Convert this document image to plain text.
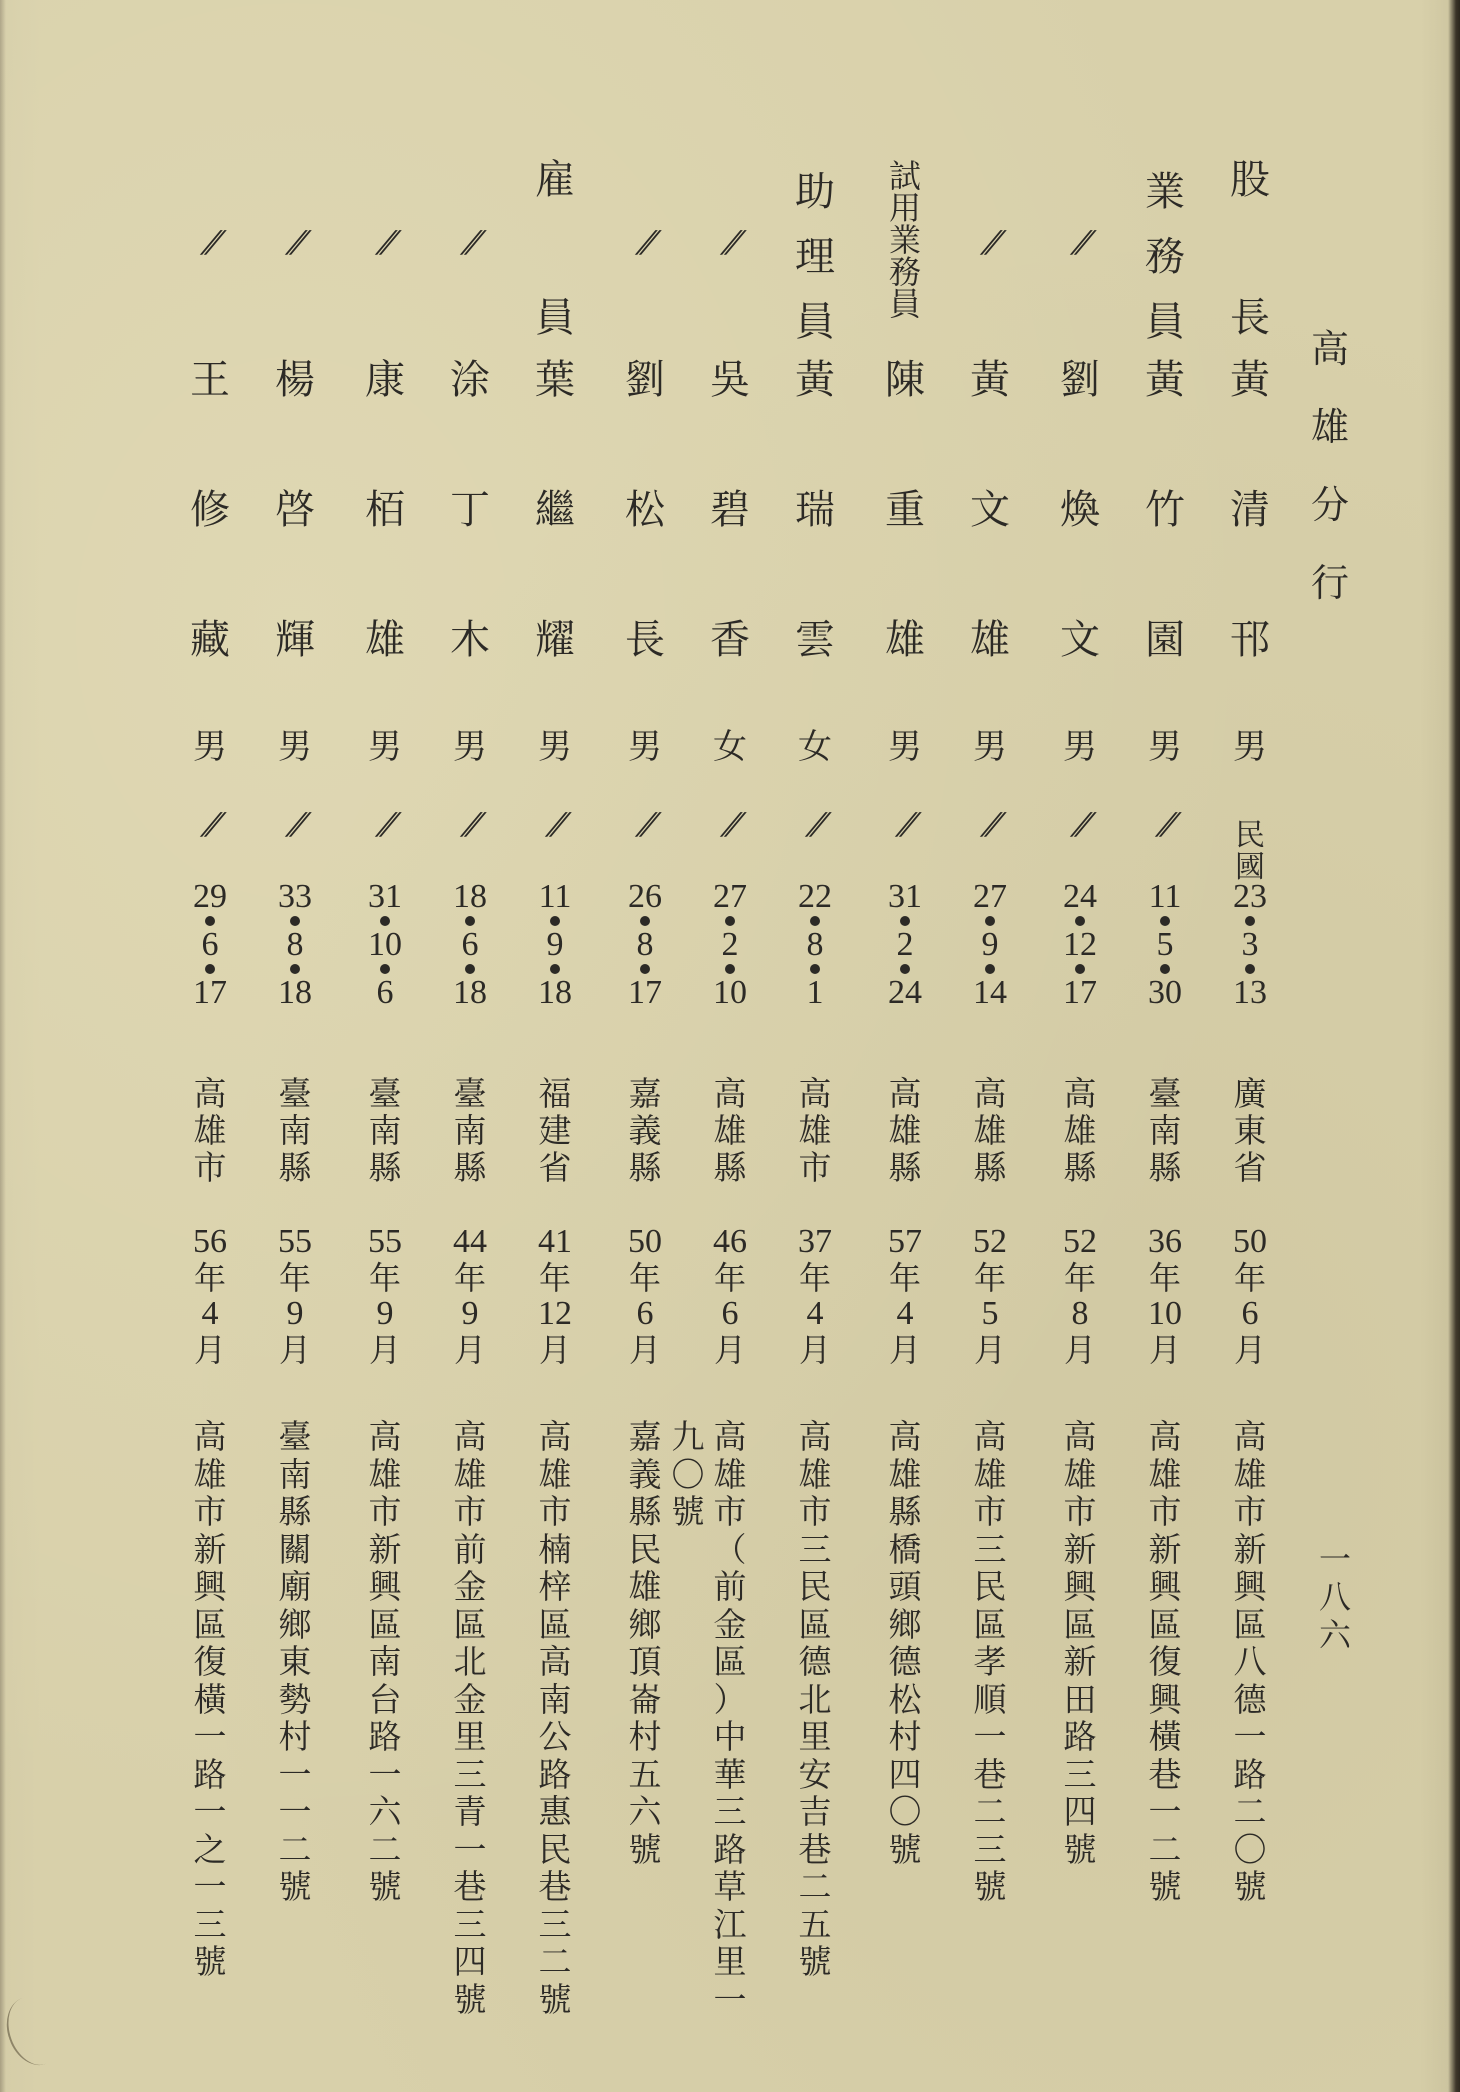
高
雄
分
行
一
八
六
股
長
黃
清
邗
男
民
國
23
3
13
廣
東
省
50
年
6
月
高
雄
市
新
興
區
八
德
一
路
二
〇
號
業
務
員
黃
竹
園
男
//
11
5
30
臺
南
縣
36
年
10
月
高
雄
市
新
興
區
復
興
橫
巷
一
二
號
//
劉
煥
文
男
//
24
12
17
高
雄
縣
52
年
8
月
高
雄
市
新
興
區
新
田
路
三
四
號
//
黃
文
雄
男
//
27
9
14
高
雄
縣
52
年
5
月
高
雄
市
三
民
區
孝
順
一
巷
二
三
號
試
用
業
務
員
陳
重
雄
男
//
31
2
24
高
雄
縣
57
年
4
月
高
雄
縣
橋
頭
鄉
德
松
村
四
〇
號
助
理
員
黃
瑞
雲
女
//
22
8
1
高
雄
市
37
年
4
月
高
雄
市
三
民
區
德
北
里
安
吉
巷
二
五
號
//
吳
碧
香
女
//
27
2
10
高
雄
縣
46
年
6
月
高
雄
市
（
前
金
區
）
中
華
三
路
草
江
里
一
九
〇
號
//
劉
松
長
男
//
26
8
17
嘉
義
縣
50
年
6
月
嘉
義
縣
民
雄
鄉
頂
崙
村
五
六
號
雇
員
葉
繼
耀
男
//
11
9
18
福
建
省
41
年
12
月
高
雄
市
楠
梓
區
高
南
公
路
惠
民
巷
三
二
號
//
涂
丁
木
男
//
18
6
18
臺
南
縣
44
年
9
月
高
雄
市
前
金
區
北
金
里
三
青
一
巷
三
四
號
//
康
栢
雄
男
//
31
10
6
臺
南
縣
55
年
9
月
高
雄
市
新
興
區
南
台
路
一
六
二
號
//
楊
啓
輝
男
//
33
8
18
臺
南
縣
55
年
9
月
臺
南
縣
關
廟
鄉
東
勢
村
一
一
二
號
//
王
修
藏
男
//
29
6
17
高
雄
市
56
年
4
月
高
雄
市
新
興
區
復
橫
一
路
一
之
一
三
號
